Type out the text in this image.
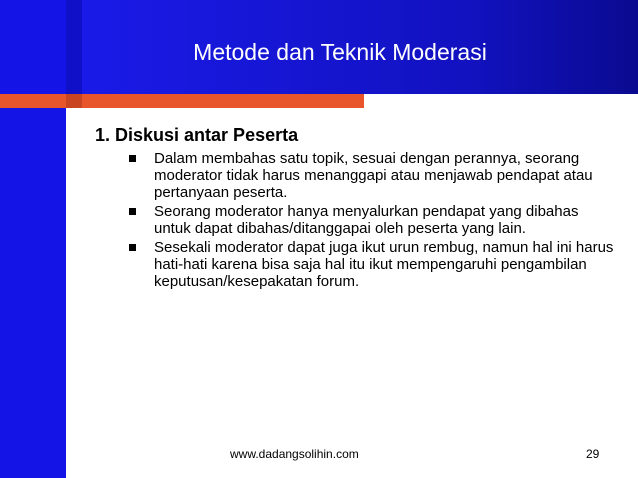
Metode dan Teknik Moderasi
1. Diskusi antar Peserta
Dalam membahas satu topik, sesuai dengan perannya, seorang moderator tidak harus menanggapi atau menjawab pendapat atau pertanyaan peserta.
Seorang moderator hanya menyalurkan pendapat yang dibahas untuk dapat dibahas/ditanggapai oleh peserta yang lain.
Sesekali moderator dapat juga ikut urun rembug, namun hal ini harus hati-hati karena bisa saja hal itu ikut mempengaruhi pengambilan keputusan/kesepakatan forum.
www.dadangsolihin.com	29
